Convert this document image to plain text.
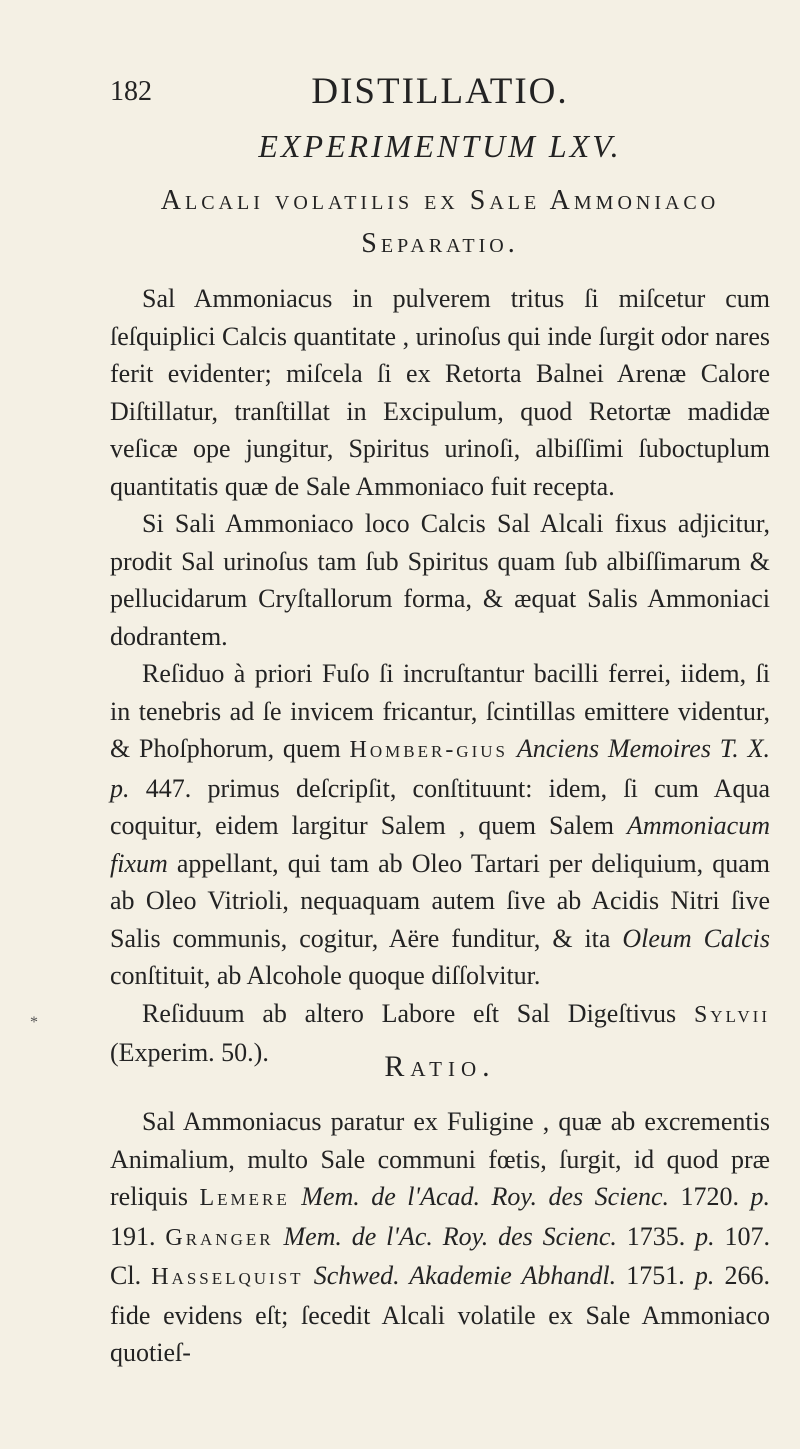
182	DISTILLATIO.
EXPERIMENTUM LXV.
Alcali volatilis ex Sale Ammoniaco
Separatio.

Sal Ammoniacus in pulverem tritus ſi miſcetur cum ſeſquiplici Calcis quantitate , urinoſus qui inde ſurgit odor nares ferit evidenter; miſcela ſi ex Retorta Balnei Arenæ Calore Diſtillatur, tranſtillat in Excipulum, quod Retortæ madidæ veſicæ ope jungitur, Spiritus urinoſi, albiſſimi ſuboctuplum quantitatis quæ de Sale Ammoniaco fuit recepta.

Si Sali Ammoniaco loco Calcis Sal Alcali fixus adjicitur, prodit Sal urinoſus tam ſub Spiritus quam ſub albiſſimarum & pellucidarum Cryſtallorum forma, & æquat Salis Ammoniaci dodrantem.

Reſiduo à priori Fuſo ſi incruſtantur bacilli ferrei, iidem, ſi in tenebris ad ſe invicem fricantur, ſcintillas emittere videntur, & Phoſphorum, quem Homber-gius Anciens Memoires T. X. p. 447. primus deſcripſit, conſtituunt: idem, ſi cum Aqua coquitur, eidem largitur Salem , quem Salem Ammoniacum fixum appellant, qui tam ab Oleo Tartari per deliquium, quam ab Oleo Vitrioli, nequaquam autem ſive ab Acidis Nitri ſive Salis communis, cogitur, Aëre funditur, & ita Oleum Calcis conſtituit, ab Alcohole quoque diſſolvitur.

Reſiduum ab altero Labore eſt Sal Digeſtivus Sylvii (Experim. 50.).

*
Ratio.

Sal Ammoniacus paratur ex Fuligine , quæ ab excrementis Animalium, multo Sale communi fœtis, ſurgit, id quod præ reliquis Lemere Mem. de l'Acad. Roy. des Scienc. 1720. p. 191. Granger Mem. de l'Ac. Roy. des Scienc. 1735. p. 107. Cl. Hasselquist Schwed. Akademie Abhandl. 1751. p. 266. fide evidens eſt; ſecedit Alcali volatile ex Sale Ammoniaco quotieſ-
